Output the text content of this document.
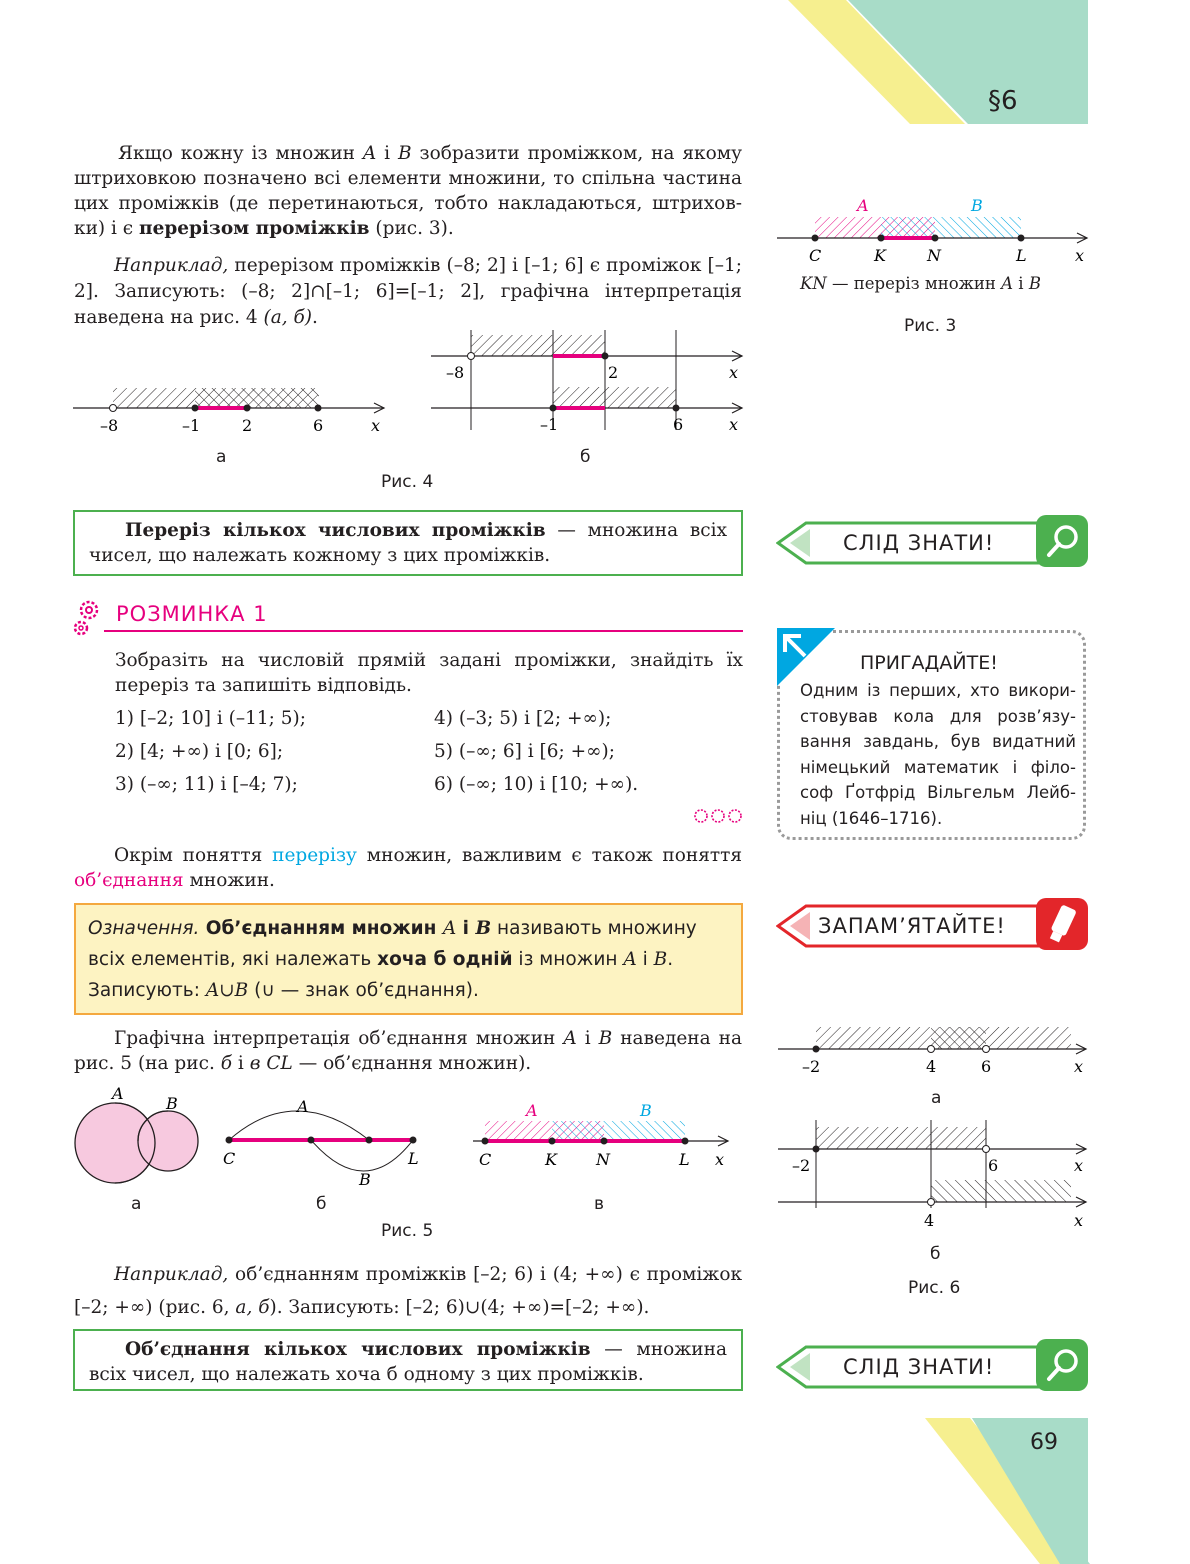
§6
69

Якщо кожну із множин A і B зобразити проміжком, на якому штриховкою позначено всі елементи множини, то спільна частина цих проміжків (де перетинаються, тобто накладаються, штриховки) і є перерізом проміжків (рис. 3).

Наприклад, перерізом проміжків (–8; 2] і [–1; 6] є проміжок [–1; 2]. Записують: (–8; 2]∩[–1; 6]=[–1; 2], графічна інтерпретація наведена на рис. 4 (а, б).

A	B
C	K	N	L	x
KN — переріз множин A і B
Рис. 3
–8	–1	2	6	x
а
–8	2	x
–1	6	x
б
Рис. 4
Переріз кількох числових проміжків — множина всіх чисел, що належать кожному з цих проміжків.
СЛІД ЗНАТИ!
РОЗМИНКА 1

Зобразіть на числовій прямій задані проміжки, знайдіть їх переріз та запишіть відповідь.

1) [–2; 10] і (–11; 5);
2) [4; +∞) і [0; 6];
3) (–∞; 11) і [–4; 7);
4) (–3; 5) і [2; +∞);
5) (–∞; 6] і [6; +∞);
6) (–∞; 10) і [10; +∞).
ПРИГАДАЙТЕ!
Одним із перших, хто використовував кола для розв’язування завдань, був видатний німецький математик і філософ Ґотфрід Вільгельм Лейбніц (1646–1716).

Окрім поняття перерізу множин, важливим є також поняття об’єднання множин.

Означення. Об’єднанням множин A і B називають множину всіх елементів, які належать хоча б одній із множин A і B.
Записують: A∪B (∪ — знак об’єднання).
ЗАПАМ’ЯТАЙТЕ!

Графічна інтерпретація об’єднання множин A і B наведена на рис. 5 (на рис. б і в CL — об’єднання множин).

A
B
а
A
B
C	L
б
A	B
C	K N	L x
в
Рис. 5

Наприклад, об’єднанням проміжків [–2; 6) і (4; +∞) є проміжок [–2; +∞) (рис. 6, а, б). Записують: [–2; 6)∪(4; +∞)=[–2; +∞).

–2	4	6	x
а
–2	6	x
4	x
б
Рис. 6
Об’єднання кількох числових проміжків — множина всіх чисел, що належать хоча б одному з цих проміжків.	СЛІД ЗНАТИ!
